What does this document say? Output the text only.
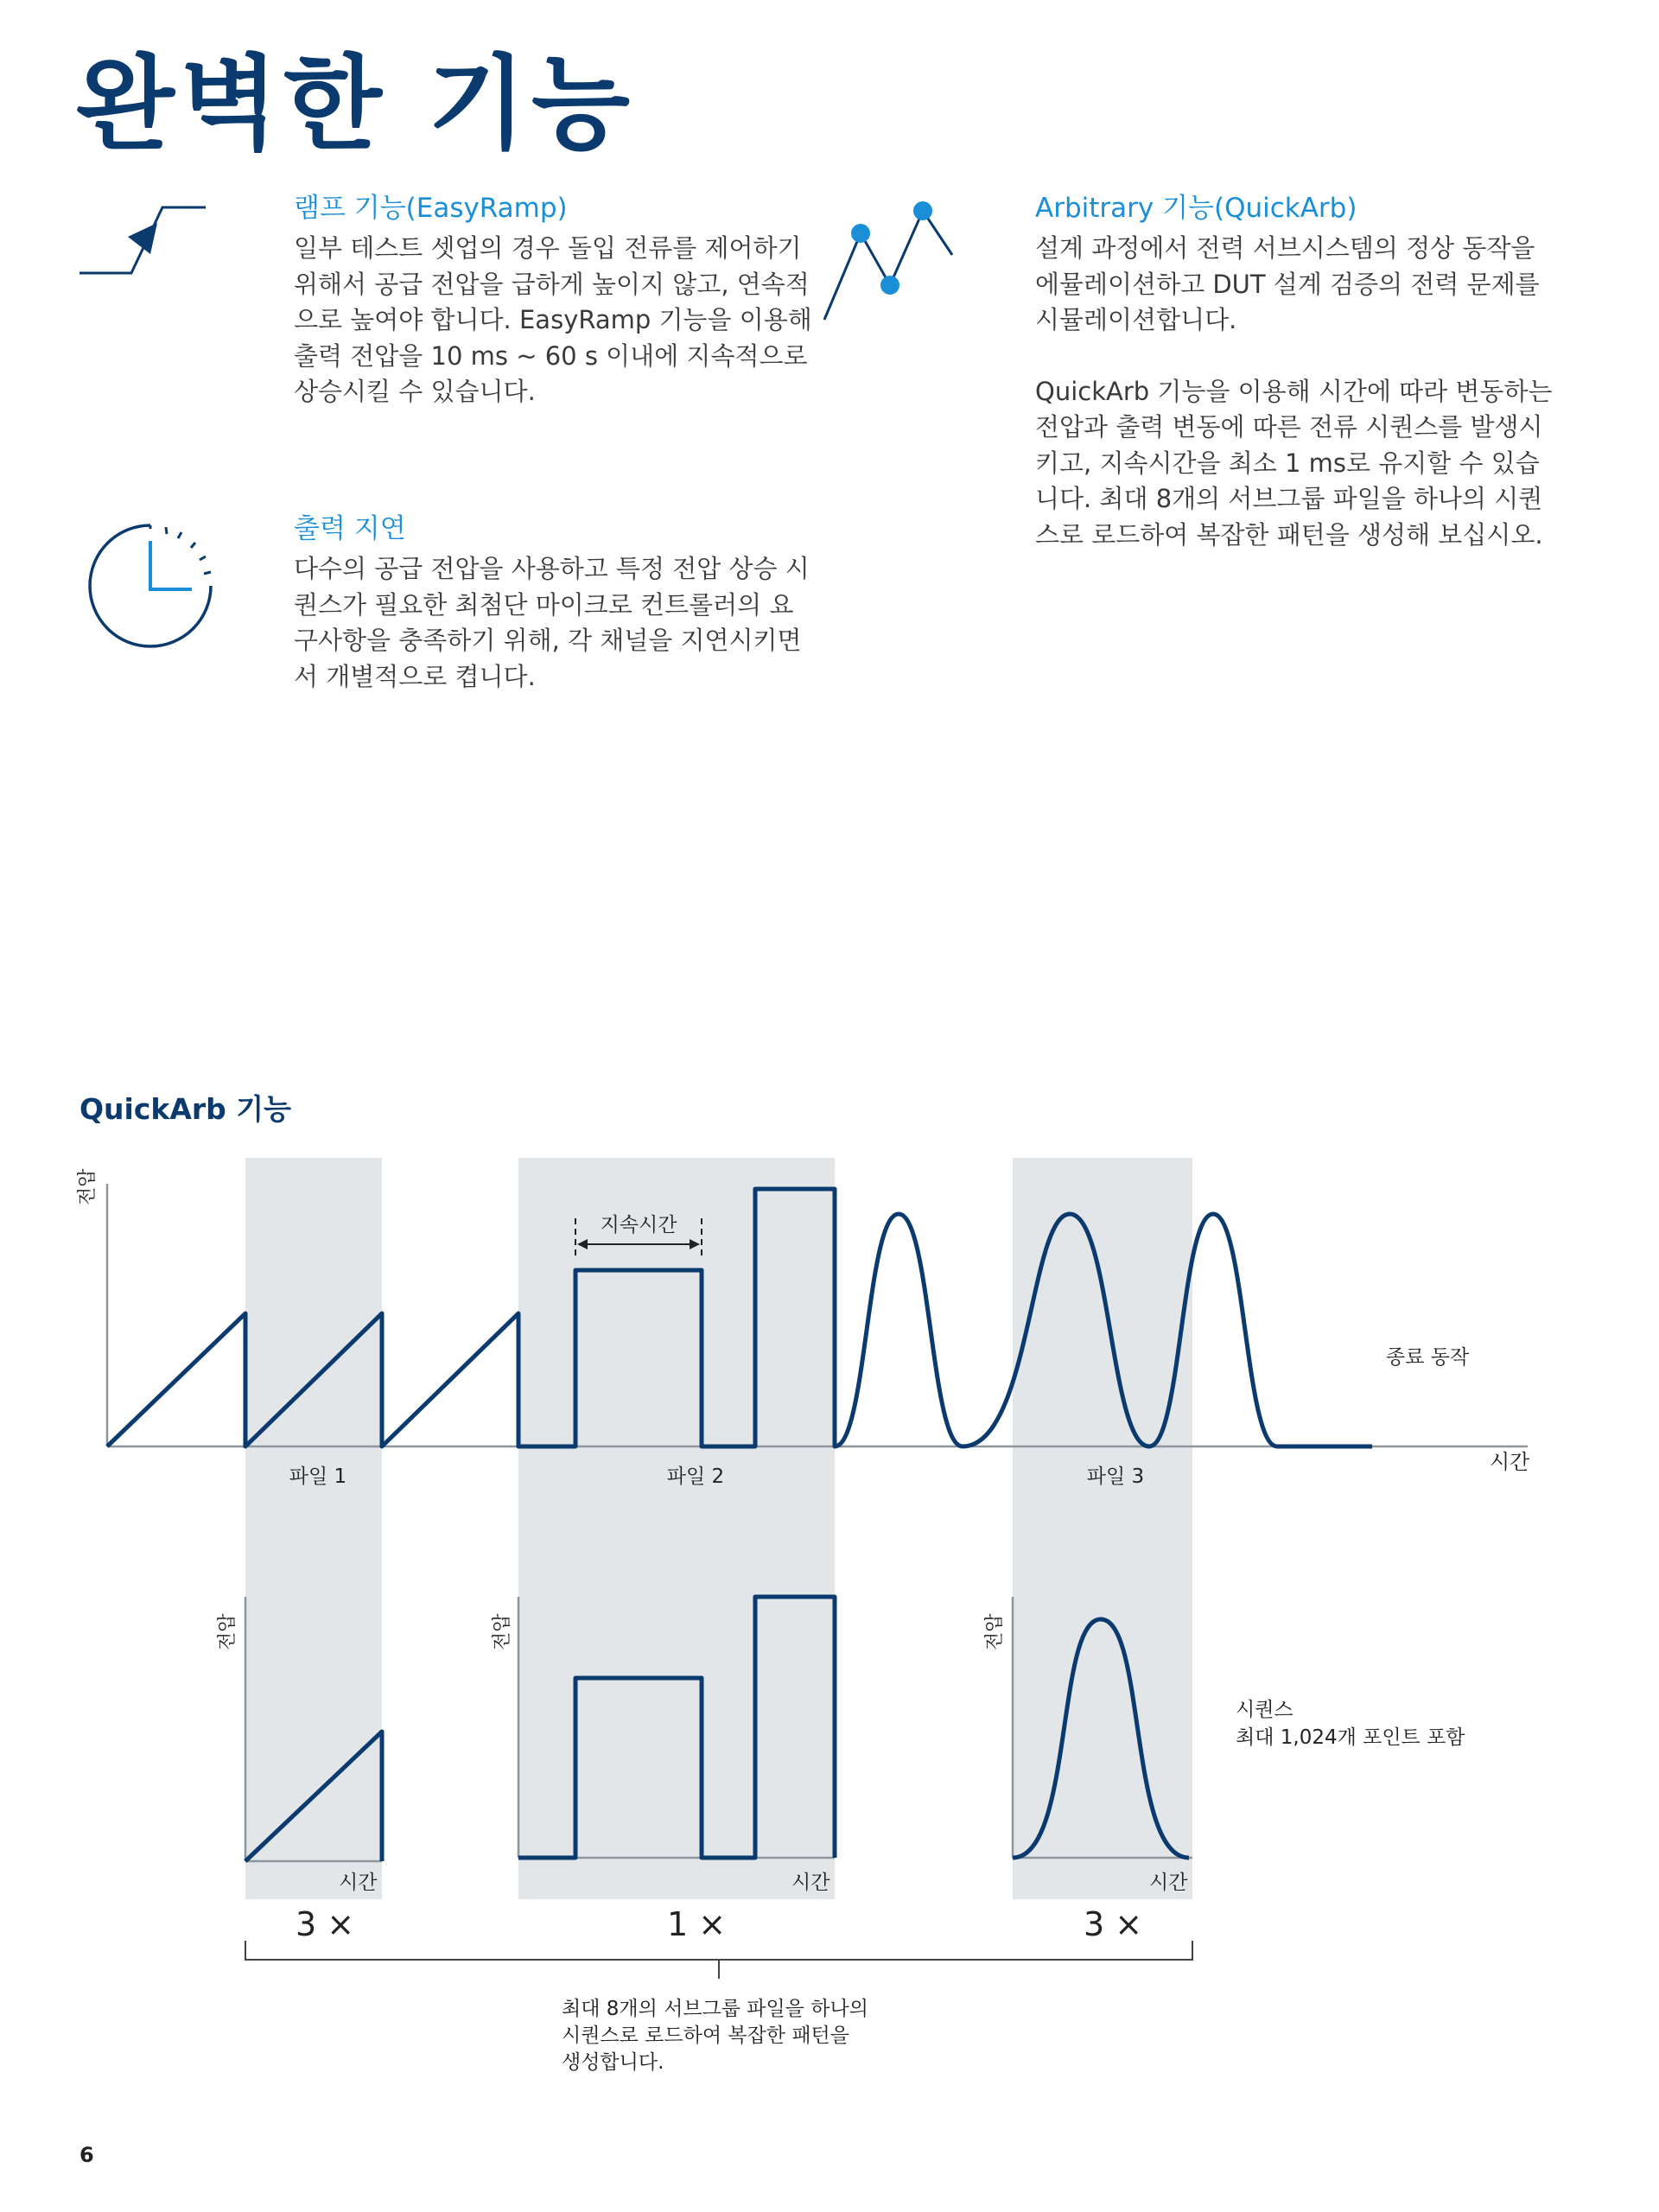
완벽한 기능
램프 기능(EasyRamp)

일부 테스트 셋업의 경우 돌입 전류를 제어하기 위해서 공급 전압을 급하게 높이지 않고, 연속적으로 높여야 합니다. EasyRamp 기능을 이용해 출력 전압을 10 ms ~ 60 s 이내에 지속적으로 상승시킬 수 있습니다.

출력 지연

다수의 공급 전압을 사용하고 특정 전압 상승 시퀀스가 필요한 최첨단 마이크로 컨트롤러의 요구사항을 충족하기 위해, 각 채널을 지연시키면서 개별적으로 켭니다.

Arbitrary 기능(QuickArb)

설계 과정에서 전력 서브시스템의 정상 동작을 에뮬레이션하고 DUT 설계 검증의 전력 문제를 시뮬레이션합니다.

QuickArb 기능을 이용해 시간에 따라 변동하는 전압과 출력 변동에 따른 전류 시퀀스를 발생시키고, 지속시간을 최소 1 ms로 유지할 수 있습니다. 최대 8개의 서브그룹 파일을 하나의 시퀀스로 로드하여 복잡한 패턴을 생성해 보십시오.

QuickArb 기능
전압
시간
지속시간
종료 동작
파일 1	파일 2	파일 3
전압
시간
전압
시간
전압
시간
시퀀스
최대 1,024개 포인트 포함
3 ×	1 ×	3 ×
최대 8개의 서브그룹 파일을 하나의
시퀀스로 로드하여 복잡한 패턴을
생성합니다.
6
